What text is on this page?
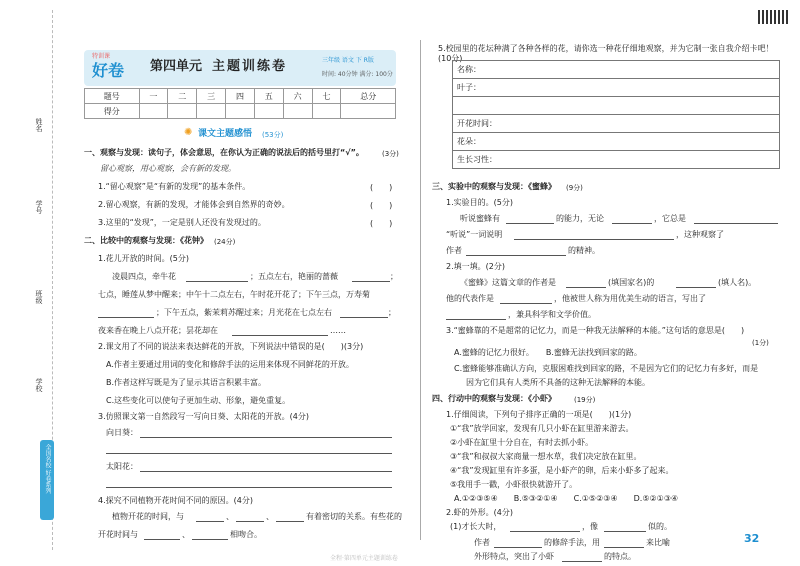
姓名
学号
班级
学校
全国名校 好卷系列
特训课
好卷 第四单元 主题训练卷	三年级 语文 下 R版
时间: 40分钟 满分: 100分
题号	一	二	三	四	五	六	七	总分
得分								
✺ 课文主题感悟 (53分)
一、观察与发现：读句子，体会意思，在你认为正确的说法后的括号里打“√”。	(3分)
留心观察，用心观察，会有新的发现。
1.“留心观察”是“有新的发现”的基本条件。	(　　)
2.留心观察，有新的发现，才能体会到自然界的奇妙。	(　　)
3.这里的“发现”，一定是别人还没有发现过的。	(　　)
二、比较中的观察与发现：《花钟》 (24分)
1.花儿开放的时间。(5分)
凌晨四点，牵牛花	；五点左右，艳丽的蔷薇	；
七点，睡莲从梦中醒来；中午十二点左右，午时花开花了；下午三点，万寿菊
；下午五点，紫茉莉苏醒过来；月光花在七点左右	；
夜来香在晚上八点开花；昙花却在	……
2.课文用了不同的说法来表达鲜花的开放，下列说法中错误的是(　　)(3分)
A.作者主要通过用词的变化和修辞手法的运用来体现不同鲜花的开放。
B.作者这样写既是为了显示其语言积累丰富。
C.这些变化可以使句子更加生动、形象，避免重复。
3.仿照课文第一自然段写一写向日葵、太阳花的开放。(4分)
向日葵：
太阳花：
4.探究不同植物开花时间不同的原因。(4分)
植物开花的时间，与	、	、	有着密切的关系。有些花的
开花时间与	、	相吻合。
5.校园里的花坛种满了各种各样的花，请你选一种花仔细地观察，并为它制一张自我介绍卡吧！(10分)
名称：
叶子：

开花时间：
花朵：
生长习性：
三、实验中的观察与发现：《蜜蜂》 (9分)
1.实验目的。(5分)
听说蜜蜂有	的能力，无论	，它总是
“听说”一词说明	，这种观察了
作者	的精神。
2.填一填。(2分)
《蜜蜂》这篇文章的作者是	(填国家名)的	(填人名)。
他的代表作是	，他被世人称为用优美生动的语言，写出了
，兼具科学和文学价值。
3.“蜜蜂靠的不是超常的记忆力，而是一种我无法解释的本能。”这句话的意思是(　　)
(1分)
A.蜜蜂的记忆力很好。　　B.蜜蜂无法找到回家的路。
C.蜜蜂能够准确认方向，克服困难找到回家的路，不是因为它们的记忆力有多好，而是
因为它们具有人类所不具备的这种无法解释的本能。
四、行动中的观察与发现：《小虾》	(19分)
1.仔细阅读，下列句子排序正确的一项是(　　)(1分)
①“我”放学回家，发现有几只小虾在缸里游来游去。
②小虾在缸里十分自在，有时去抓小虾。
③“我”和叔叔大家商量一想水草，我们决定放在缸里。
④“我”发现缸里有许多蛋，是小虾产的卵，后来小虾多了起来。
⑤我用手一戳，小虾很快就游开了。
A.①②③⑤④　　B.⑤③②①④　　C.①⑤②③④　　D.⑤②①③④
2.虾的外形。(4分)
(1)才长大时，	，像	似的。
作者	的修辞手法，用	来比喻
外形特点，突出了小虾	的特点。
32
全程·第四单元主题训练卷
